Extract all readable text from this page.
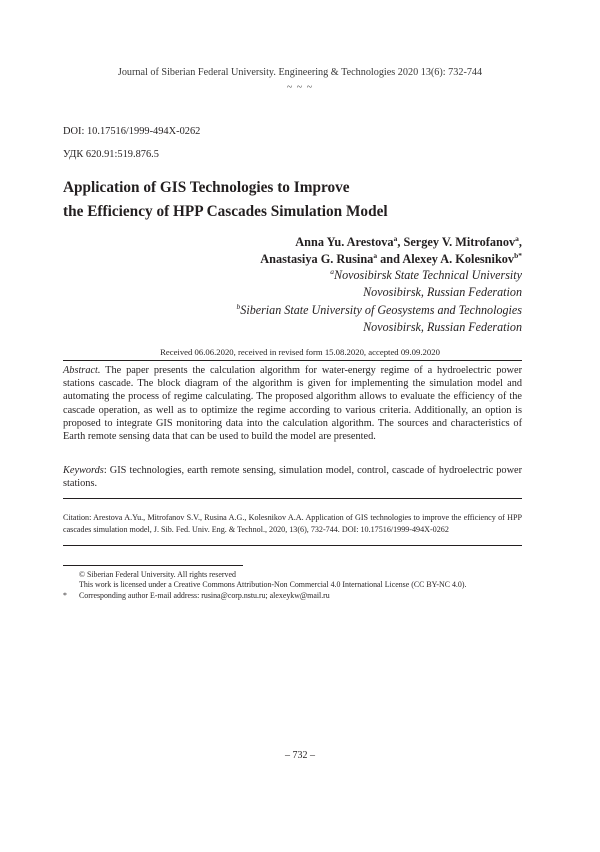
Journal of Siberian Federal University. Engineering & Technologies 2020 13(6): 732-744
~ ~ ~
DOI: 10.17516/1999-494X-0262
УДК 620.91:519.876.5
Application of GIS Technologies to Improve
the Efficiency of HPP Cascades Simulation Model
Anna Yu. Arestova$^a$, Sergey V. Mitrofanov$^a$,
Anastasiya G. Rusina$^a$ and Alexey A. Kolesnikov$^{b*}$
$^a$Novosibirsk State Technical University
Novosibirsk, Russian Federation
$^b$Siberian State University of Geosystems and Technologies
Novosibirsk, Russian Federation
Received 06.06.2020, received in revised form 15.08.2020, accepted 09.09.2020
Abstract. The paper presents the calculation algorithm for water-energy regime of a hydroelectric power stations cascade. The block diagram of the algorithm is given for implementing the simulation model and automating the process of regime calculating. The proposed algorithm allows to evaluate the efficiency of the cascade operation, as well as to optimize the regime according to various criteria. Additionally, an option is proposed to integrate GIS monitoring data into the calculation algorithm. The sources and characteristics of Earth remote sensing data that can be used to build the model are presented.
Keywords: GIS technologies, earth remote sensing, simulation model, control, cascade of hydroelectric power stations.
Citation: Arestova A.Yu., Mitrofanov S.V., Rusina A.G., Kolesnikov A.A. Application of GIS technologies to improve the efficiency of HPP cascades simulation model, J. Sib. Fed. Univ. Eng. & Technol., 2020, 13(6), 732-744. DOI: 10.17516/1999-494X-0262
© Siberian Federal University. All rights reserved
This work is licensed under a Creative Commons Attribution-Non Commercial 4.0 International License (CC BY-NC 4.0).
* Corresponding author E-mail address: rusina@corp.nstu.ru; alexeykw@mail.ru
– 732 –
